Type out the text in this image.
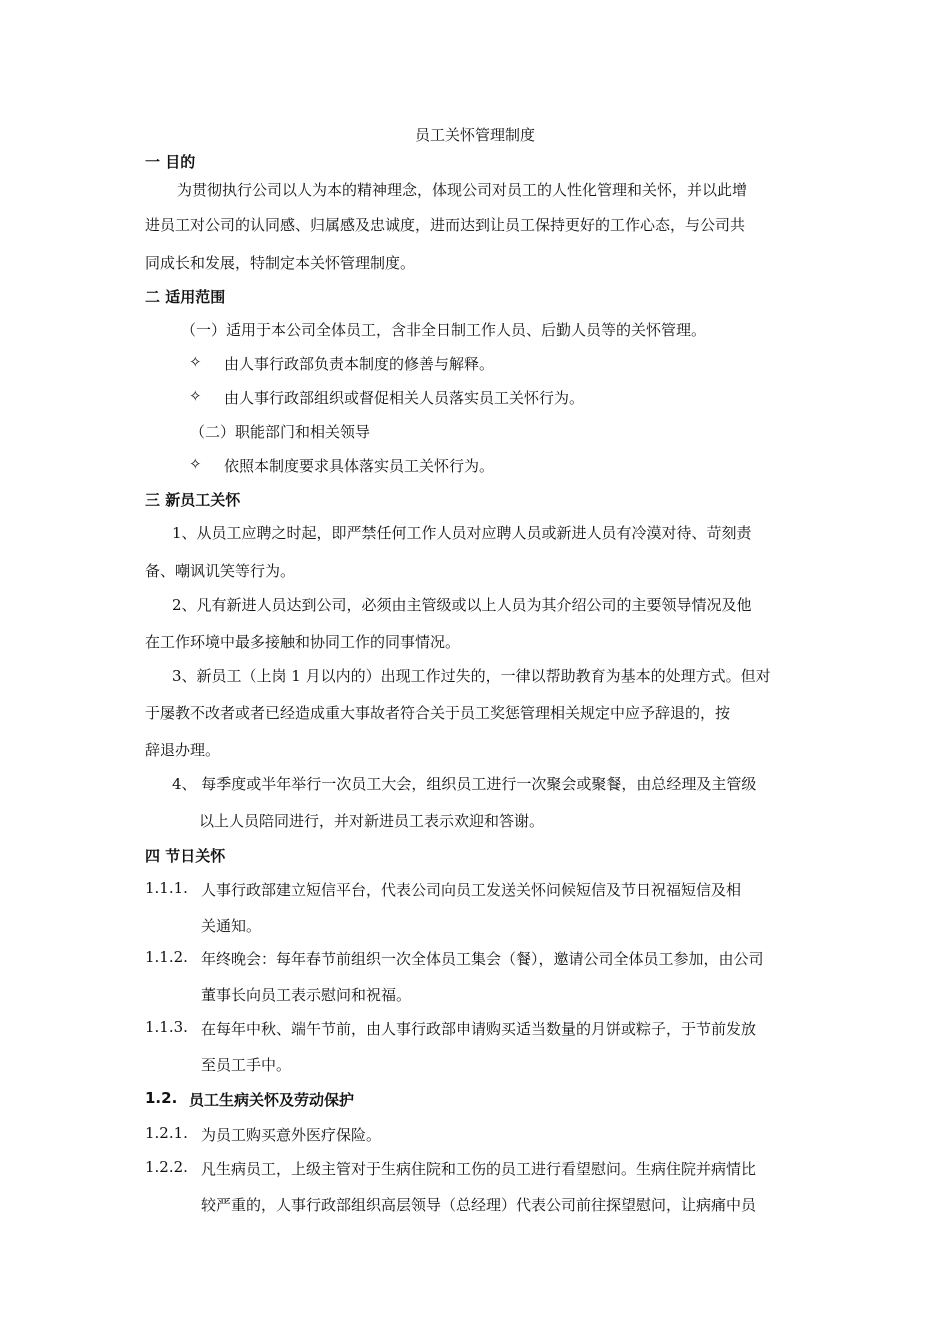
员工关怀管理制度
一 目的
为贯彻执行公司以人为本的精神理念，体现公司对员工的人性化管理和关怀，并以此增
进员工对公司的认同感、归属感及忠诚度，进而达到让员工保持更好的工作心态，与公司共
同成长和发展，特制定本关怀管理制度。
二 适用范围
（一）适用于本公司全体员工，含非全日制工作人员、后勤人员等的关怀管理。
✧ 由人事行政部负责本制度的修善与解释。
✧ 由人事行政部组织或督促相关人员落实员工关怀行为。
（二）职能部门和相关领导
✧ 依照本制度要求具体落实员工关怀行为。
三 新员工关怀
1、从员工应聘之时起，即严禁任何工作人员对应聘人员或新进人员有冷漠对待、苛刻责
备、嘲讽讥笑等行为。
2、凡有新进人员达到公司，必须由主管级或以上人员为其介绍公司的主要领导情况及他
在工作环境中最多接触和协同工作的同事情况。
3、新员工（上岗 1 月以内的）出现工作过失的，一律以帮助教育为基本的处理方式。但对
于屡教不改者或者已经造成重大事故者符合关于员工奖惩管理相关规定中应予辞退的，按
辞退办理。
4、 每季度或半年举行一次员工大会，组织员工进行一次聚会或聚餐，由总经理及主管级
以上人员陪同进行，并对新进员工表示欢迎和答谢。
四 节日关怀
1.1.1. 人事行政部建立短信平台，代表公司向员工发送关怀问候短信及节日祝福短信及相
关通知。
1.1.2. 年终晚会：每年春节前组织一次全体员工集会（餐），邀请公司全体员工参加，由公司
董事长向员工表示慰问和祝福。
1.1.3. 在每年中秋、端午节前，由人事行政部申请购买适当数量的月饼或粽子，于节前发放
至员工手中。
1.2. 员工生病关怀及劳动保护
1.2.1. 为员工购买意外医疗保险。
1.2.2. 凡生病员工，上级主管对于生病住院和工伤的员工进行看望慰问。生病住院并病情比
较严重的，人事行政部组织高层领导（总经理）代表公司前往探望慰问，让病痛中员
